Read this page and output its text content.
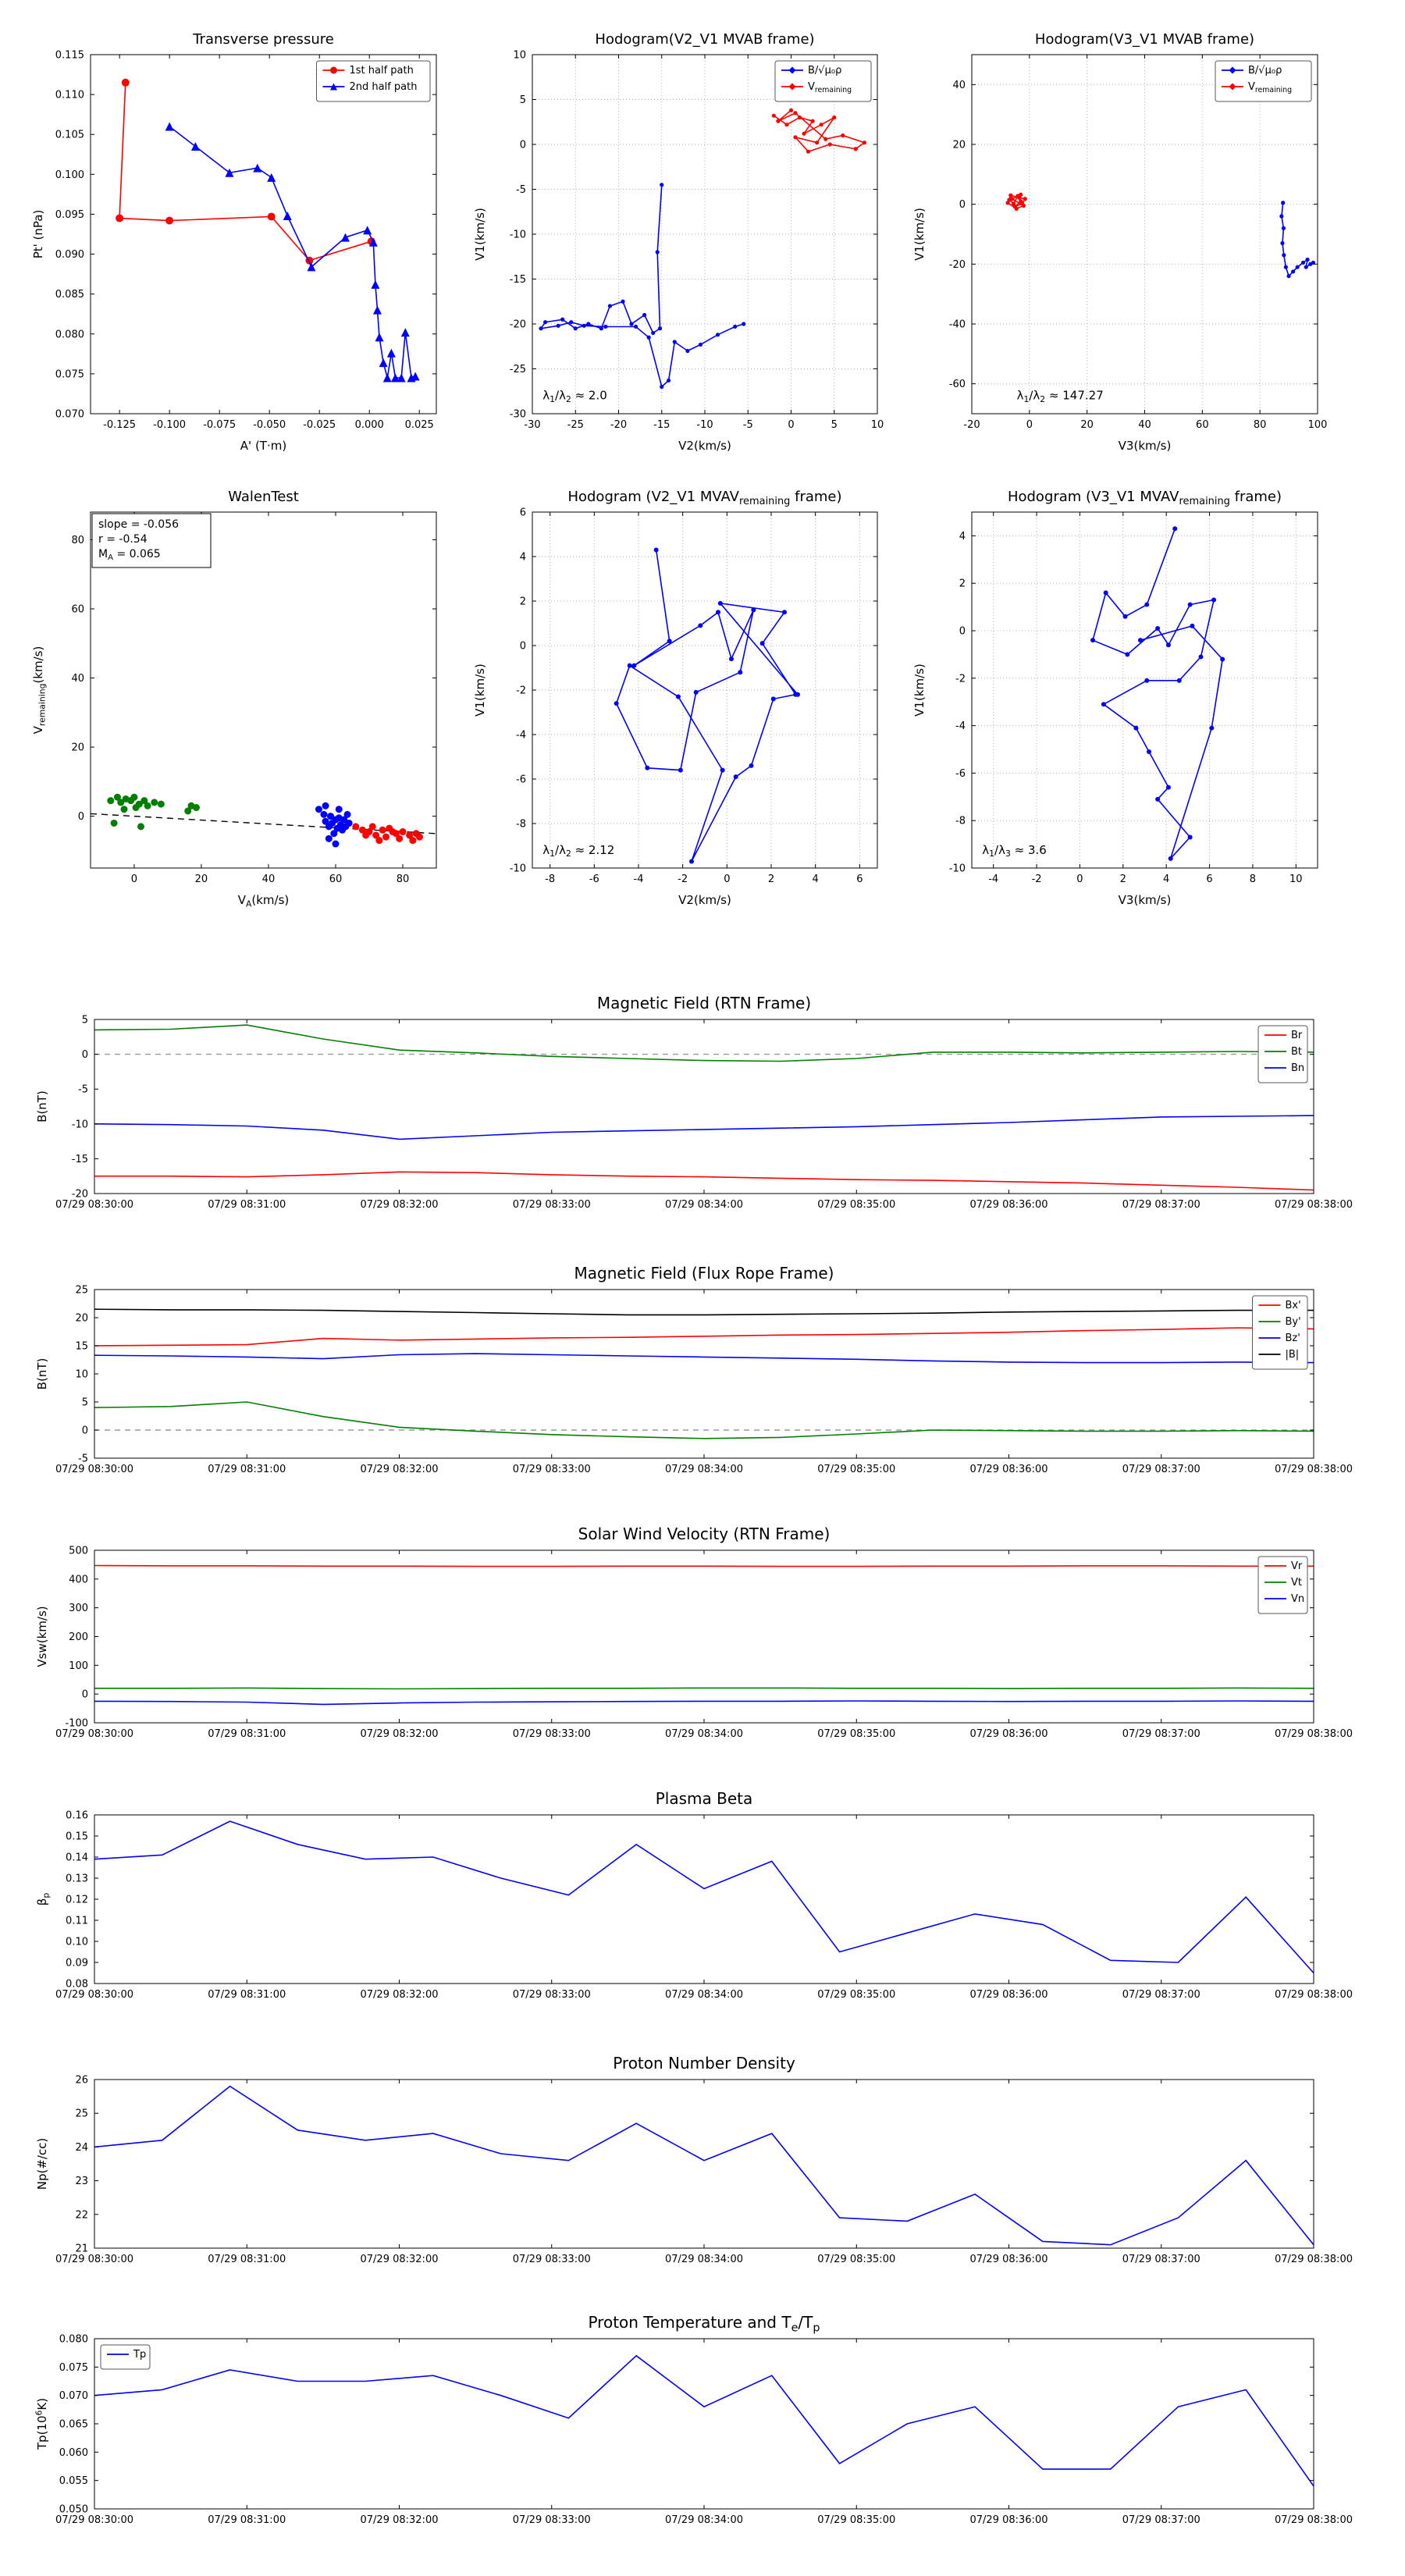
-0.125 -0.100 -0.075 -0.050 -0.025 0.000 0.025
0.070
0.075
0.080
0.085
0.090
0.095
0.100
0.105
0.110
0.115
Transverse pressure
A' (T·m)
Pt' (nPa)
1st half path
2nd half path
-30	-25	-20	-15	-10	-5	0	5	10
-30
-25
-20
-15
-10
-5
0
5
10
Hodogram(V2_V1 MVAB frame)
V2(km/s)
V1(km/s)
$\lambda_1/\lambda_2 \approx 2.0$
B/√μ₀ρ
$V_{remaining}$
-20	0	20	40	60	80	100
-60
-40
-20
0
20
40
Hodogram(V3_V1 MVAB frame)
V3(km/s)
V1(km/s)
$\lambda_1/\lambda_2 \approx 147.27$
B/√μ₀ρ
$V_{remaining}$
0	20	40	60	80
0
20
40
60
80
WalenTest
$V_A(km/s)$
$V_{remaining}(km/s)$
slope = -0.056
r = -0.54
$M_A = 0.065$
-8	-6	-4	-2	0	2	4	6
-10
-8
-6
-4
-2
0
2
4
6
Hodogram (V2_V1 $MVAV_{remaining}$ frame)
V2(km/s)
V1(km/s)
$\lambda_1/\lambda_2 \approx 2.12$
-4	-2	0	2	4	6	8	10
-10
-8
-6
-4
-2
0
2
4
Hodogram (V3_V1 $MVAV_{remaining}$ frame)
V3(km/s)
V1(km/s)
$\lambda_1/\lambda_3 \approx 3.6$
07/29 08:30:00	07/29 08:31:00	07/29 08:32:00	07/29 08:33:00	07/29 08:34:00	07/29 08:35:00	07/29 08:36:00	07/29 08:37:00	07/29 08:38:00
-20
-15
-10
-5
0
5
Magnetic Field (RTN Frame)
B(nT)
Br
Bt
Bn
07/29 08:30:00	07/29 08:31:00	07/29 08:32:00	07/29 08:33:00	07/29 08:34:00	07/29 08:35:00	07/29 08:36:00	07/29 08:37:00	07/29 08:38:00
-5
0
5
10
15
20
25
Magnetic Field (Flux Rope Frame)
B(nT)
Bx'
By'
Bz'
|B|
07/29 08:30:00	07/29 08:31:00	07/29 08:32:00	07/29 08:33:00	07/29 08:34:00	07/29 08:35:00	07/29 08:36:00	07/29 08:37:00	07/29 08:38:00
-100
0
100
200
300
400
500
Solar Wind Velocity (RTN Frame)
Vsw(km/s)
Vr
Vt
Vn
07/29 08:30:00	07/29 08:31:00	07/29 08:32:00	07/29 08:33:00	07/29 08:34:00	07/29 08:35:00	07/29 08:36:00	07/29 08:37:00	07/29 08:38:00
0.08
0.09
0.10
0.11
0.12
0.13
0.14
0.15
0.16
Plasma Beta
$\beta_p$
07/29 08:30:00	07/29 08:31:00	07/29 08:32:00	07/29 08:33:00	07/29 08:34:00	07/29 08:35:00	07/29 08:36:00	07/29 08:37:00	07/29 08:38:00
21
22
23
24
25
26
Proton Number Density
Np(#/cc)
07/29 08:30:00	07/29 08:31:00	07/29 08:32:00	07/29 08:33:00	07/29 08:34:00	07/29 08:35:00	07/29 08:36:00	07/29 08:37:00	07/29 08:38:00
0.050
0.055
0.060
0.065
0.070
0.075
0.080
Proton Temperature and $T_e/T_p$
$Tp(10^6K)$
Tp
